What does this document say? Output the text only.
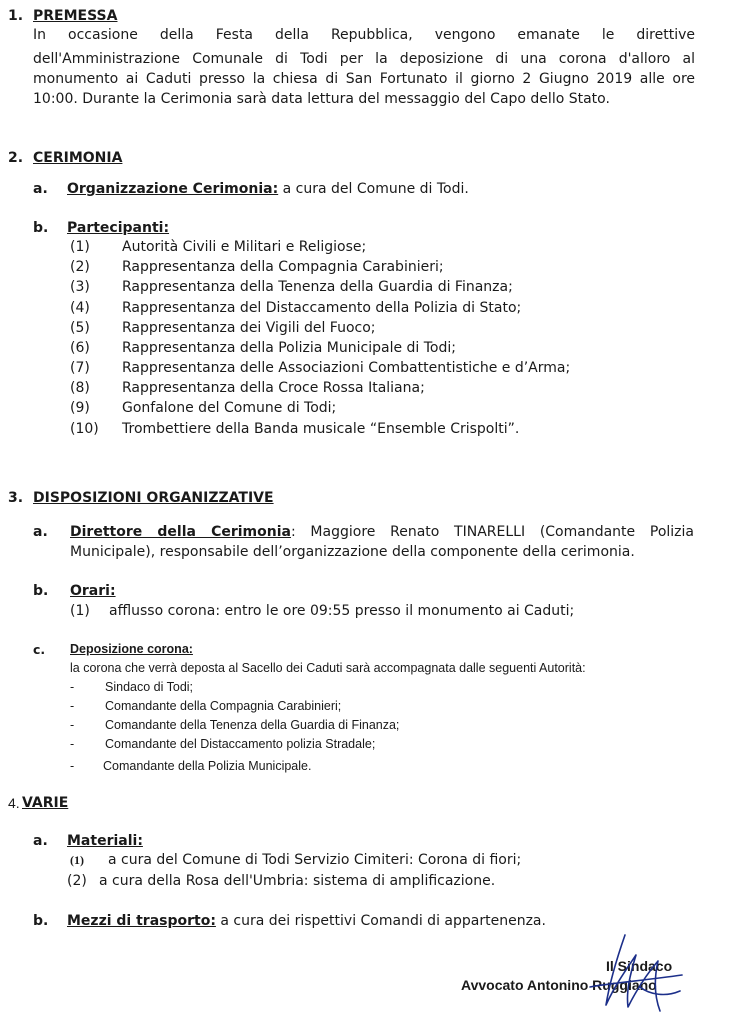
1. PREMESSA
In occasione della Festa della Repubblica, vengono emanate le direttive
dell'Amministrazione Comunale di Todi per la deposizione di una corona d'alloro al
monumento ai Caduti presso la chiesa di San Fortunato il giorno 2 Giugno 2019 alle ore
10:00. Durante la Cerimonia sarà data lettura del messaggio del Capo dello Stato.
2. CERIMONIA
a. Organizzazione Cerimonia: a cura del Comune di Todi.
b. Partecipanti:
(1) Autorità Civili e Militari e Religiose;
(2) Rappresentanza della Compagnia Carabinieri;
(3) Rappresentanza della Tenenza della Guardia di Finanza;
(4) Rappresentanza del Distaccamento della Polizia di Stato;
(5) Rappresentanza dei Vigili del Fuoco;
(6) Rappresentanza della Polizia Municipale di Todi;
(7) Rappresentanza delle Associazioni Combattentistiche e d’Arma;
(8) Rappresentanza della Croce Rossa Italiana;
(9) Gonfalone del Comune di Todi;
(10) Trombettiere della Banda musicale “Ensemble Crispolti”.
3. DISPOSIZIONI ORGANIZZATIVE
a. Direttore della Cerimonia: Maggiore Renato TINARELLI (Comandante Polizia
Municipale), responsabile dell’organizzazione della componente della cerimonia.
b. Orari:
(1) afflusso corona: entro le ore 09:55 presso il monumento ai Caduti;
c. Deposizione corona:
la corona che verrà deposta al Sacello dei Caduti sarà accompagnata dalle seguenti Autorità:
- Sindaco di Todi;
- Comandante della Compagnia Carabinieri;
- Comandante della Tenenza della Guardia di Finanza;
- Comandante del Distaccamento polizia Stradale;
- Comandante della Polizia Municipale.
4. VARIE
a. Materiali:
(1) a cura del Comune di Todi Servizio Cimiteri: Corona di fiori;
(2) a cura della Rosa dell'Umbria: sistema di amplificazione.
b. Mezzi di trasporto: a cura dei rispettivi Comandi di appartenenza.
Il Sindaco
Avvocato Antonino Ruggiano
